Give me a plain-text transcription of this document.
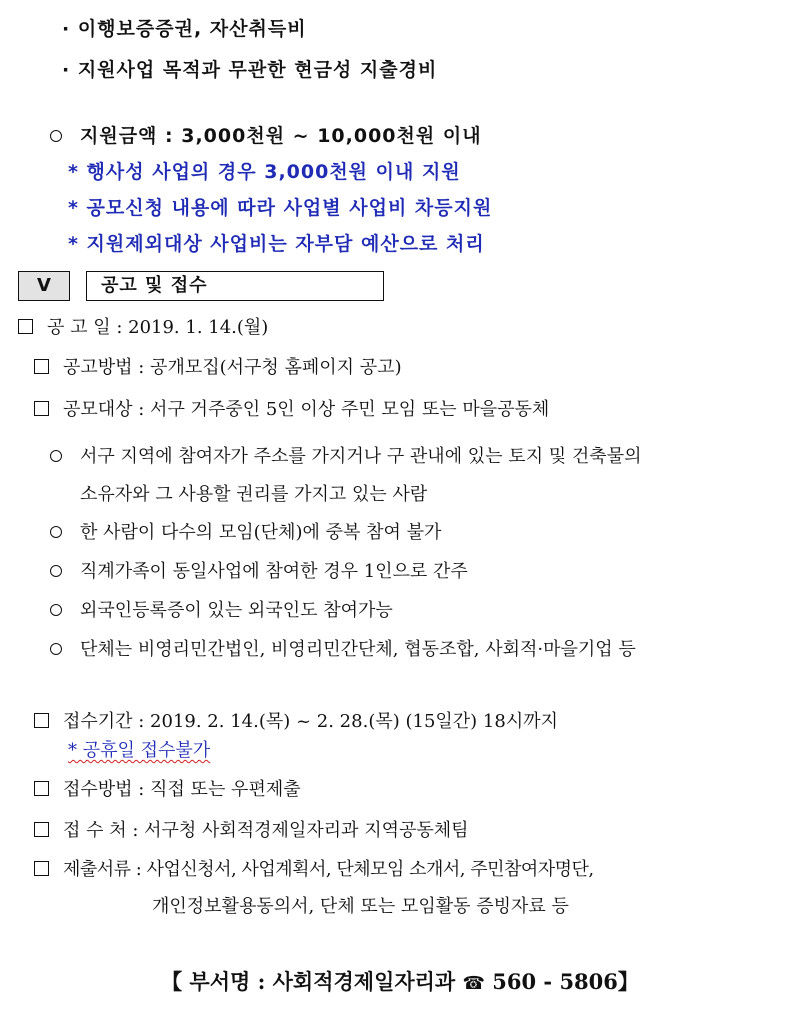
· 이행보증증권, 자산취득비
· 지원사업 목적과 무관한 현금성 지출경비
지원금액 : 3,000천원 ~ 10,000천원 이내
* 행사성 사업의 경우 3,000천원 이내 지원
* 공모신청 내용에 따라 사업별 사업비 차등지원
* 지원제외대상 사업비는 자부담 예산으로 처리
Ⅴ	공고 및 접수
공 고 일 : 2019. 1. 14.(월)
공고방법 : 공개모집(서구청 홈페이지 공고)
공모대상 : 서구 거주중인 5인 이상 주민 모임 또는 마을공동체
서구 지역에 참여자가 주소를 가지거나 구 관내에 있는 토지 및 건축물의
소유자와 그 사용할 권리를 가지고 있는 사람
한 사람이 다수의 모임(단체)에 중복 참여 불가
직계가족이 동일사업에 참여한 경우 1인으로 간주
외국인등록증이 있는 외국인도 참여가능
단체는 비영리민간법인, 비영리민간단체, 협동조합, 사회적·마을기업 등
접수기간 : 2019. 2. 14.(목) ~ 2. 28.(목) (15일간) 18시까지
* 공휴일 접수불가
접수방법 : 직접 또는 우편제출
접 수 처 : 서구청 사회적경제일자리과 지역공동체팀
제출서류 : 사업신청서, 사업계획서, 단체모임 소개서, 주민참여자명단,
개인정보활용동의서, 단체 또는 모임활동 증빙자료 등
【 부서명 : 사회적경제일자리과 ☎ 560 - 5806】
